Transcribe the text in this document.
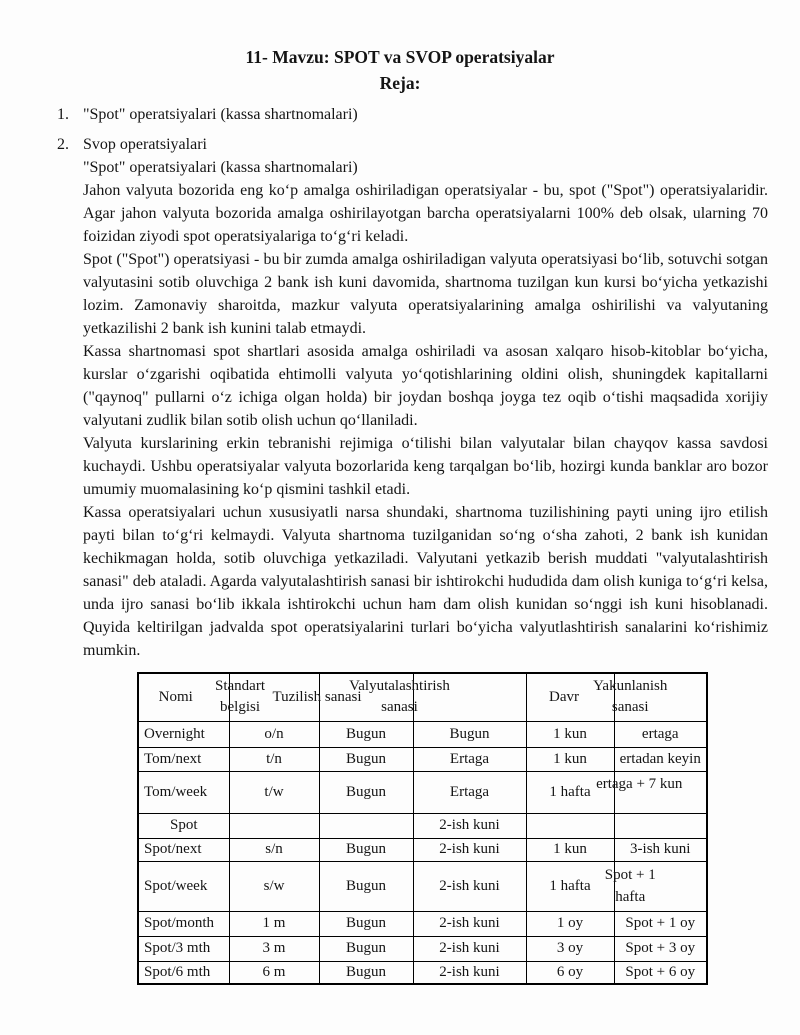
11- Mavzu: SPOT va SVOP operatsiyalar
Reja:
1. "Spot" operatsiyalari (kassa shartnomalari)
2. Svop operatsiyalari
"Spot" operatsiyalari (kassa shartnomalari)

Jahon valyuta bozorida eng ko‘p amalga oshiriladigan operatsiyalar - bu, spot ("Spot") operatsiyalaridir. Agar jahon valyuta bozorida amalga oshirilayotgan barcha operatsiyalarni 100% deb olsak, ularning 70 foizidan ziyodi spot operatsiyalariga to‘g‘ri keladi.

Spot ("Spot") operatsiyasi - bu bir zumda amalga oshiriladigan valyuta operatsiyasi bo‘lib, sotuvchi sotgan valyutasini sotib oluvchiga 2 bank ish kuni davomida, shartnoma tuzilgan kun kursi bo‘yicha yetkazishi lozim. Zamonaviy sharoitda, mazkur valyuta operatsiyalarining amalga oshirilishi va valyutaning yetkazilishi 2 bank ish kunini talab etmaydi.

Kassa shartnomasi spot shartlari asosida amalga oshiriladi va asosan xalqaro hisob-kitoblar bo‘yicha, kurslar o‘zgarishi oqibatida ehtimolli valyuta yo‘qotishlarining oldini olish, shuningdek kapitallarni ("qaynoq" pullarni o‘z ichiga olgan holda) bir joydan boshqa joyga tez oqib o‘tishi maqsadida xorijiy valyutani zudlik bilan sotib olish uchun qo‘llaniladi.

Valyuta kurslarining erkin tebranishi rejimiga o‘tilishi bilan valyutalar bilan chayqov kassa savdosi kuchaydi. Ushbu operatsiyalar valyuta bozorlarida keng tarqalgan bo‘lib, hozirgi kunda banklar aro bozor umumiy muomalasining ko‘p qismini tashkil etadi.

Kassa operatsiyalari uchun xususiyatli narsa shundaki, shartnoma tuzilishining payti uning ijro etilish payti bilan to‘g‘ri kelmaydi. Valyuta shartnoma tuzilganidan so‘ng o‘sha zahoti, 2 bank ish kunidan kechikmagan holda, sotib oluvchiga yetkaziladi. Valyutani yetkazib berish muddati "valyutalashtirish sanasi" deb ataladi. Agarda valyutalashtirish sanasi bir ishtirokchi hududida dam olish kuniga to‘g‘ri kelsa, unda ijro sanasi bo‘lib ikkala ishtirokchi uchun ham dam olish kunidan so‘nggi ish kuni hisoblanadi. Quyida keltirilgan jadvalda spot operatsiyalarini turlari bo‘yicha valyutlashtirish sanalarini ko‘rishimiz mumkin.

Nomi	Standart belgisi	Tuzilish sanasi	Valyutalashtirish sanasi	Davr	Yakunlanish sanasi

Overnight	o/n	Bugun	Bugun	1 kun	ertaga
Tom/next	t/n	Bugun	Ertaga	1 kun	ertadan keyin
Tom/week	t/w	Bugun	Ertaga	1 hafta	ertaga + 7 kun
Spot			2-ish kuni		
Spot/next	s/n	Bugun	2-ish kuni	1 kun	3-ish kuni
Spot/week	s/w	Bugun	2-ish kuni	1 hafta	Spot + 1 hafta
Spot/month	1 m	Bugun	2-ish kuni	1 oy	Spot + 1 oy
Spot/3 mth	3 m	Bugun	2-ish kuni	3 oy	Spot + 3 oy
Spot/6 mth	6 m	Bugun	2-ish kuni	6 oy	Spot + 6 oy
